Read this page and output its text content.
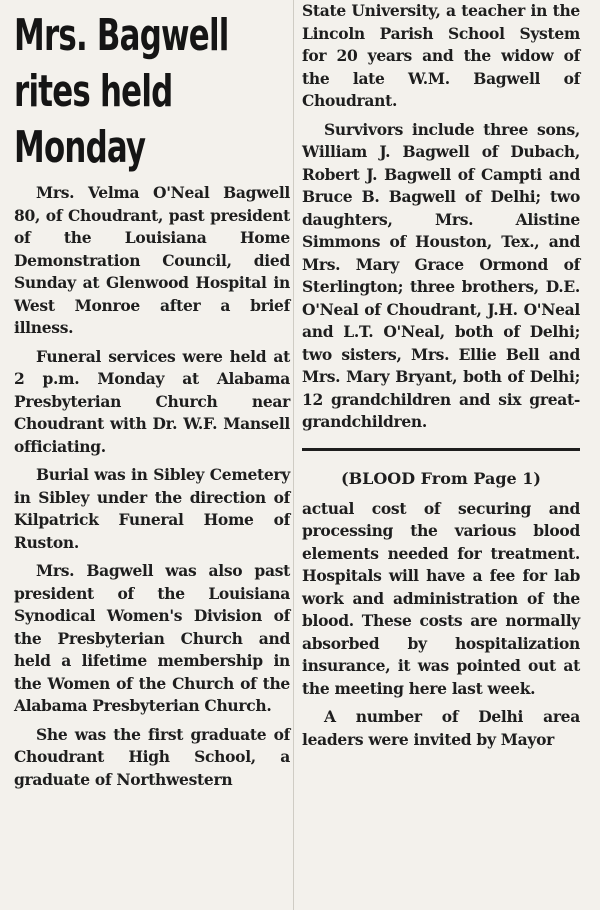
Mrs. Bagwell
rites held
Monday

Mrs. Velma O'Neal Bagwell 80, of Choudrant, past president of the Louisiana Home Demonstration Council, died Sunday at Glenwood Hospital in West Monroe after a brief illness.

Funeral services were held at 2 p.m. Monday at Alabama Presbyterian Church near Choudrant with Dr. W.F. Mansell officiating.

Burial was in Sibley Cemetery in Sibley under the direction of Kilpatrick Funeral Home of Ruston.

Mrs. Bagwell was also past president of the Louisiana Synodical Women's Division of the Presbyterian Church and held a lifetime membership in the Women of the Church of the Alabama Presbyterian Church.

She was the first graduate of Choudrant High School, a graduate of Northwestern

State University, a teacher in the Lincoln Parish School System for 20 years and the widow of the late W.M. Bagwell of Choudrant.

Survivors include three sons, William J. Bagwell of Dubach, Robert J. Bagwell of Campti and Bruce B. Bagwell of Delhi; two daughters, Mrs. Alistine Simmons of Houston, Tex., and Mrs. Mary Grace Ormond of Sterlington; three brothers, D.E. O'Neal of Choudrant, J.H. O'Neal and L.T. O'Neal, both of Delhi; two sisters, Mrs. Ellie Bell and Mrs. Mary Bryant, both of Delhi; 12 grandchildren and six great-grandchildren.

(BLOOD From Page 1)

actual cost of securing and processing the various blood elements needed for treatment. Hospitals will have a fee for lab work and administration of the blood. These costs are normally absorbed by hospitalization insurance, it was pointed out at the meeting here last week.

A number of Delhi area leaders were invited by Mayor
